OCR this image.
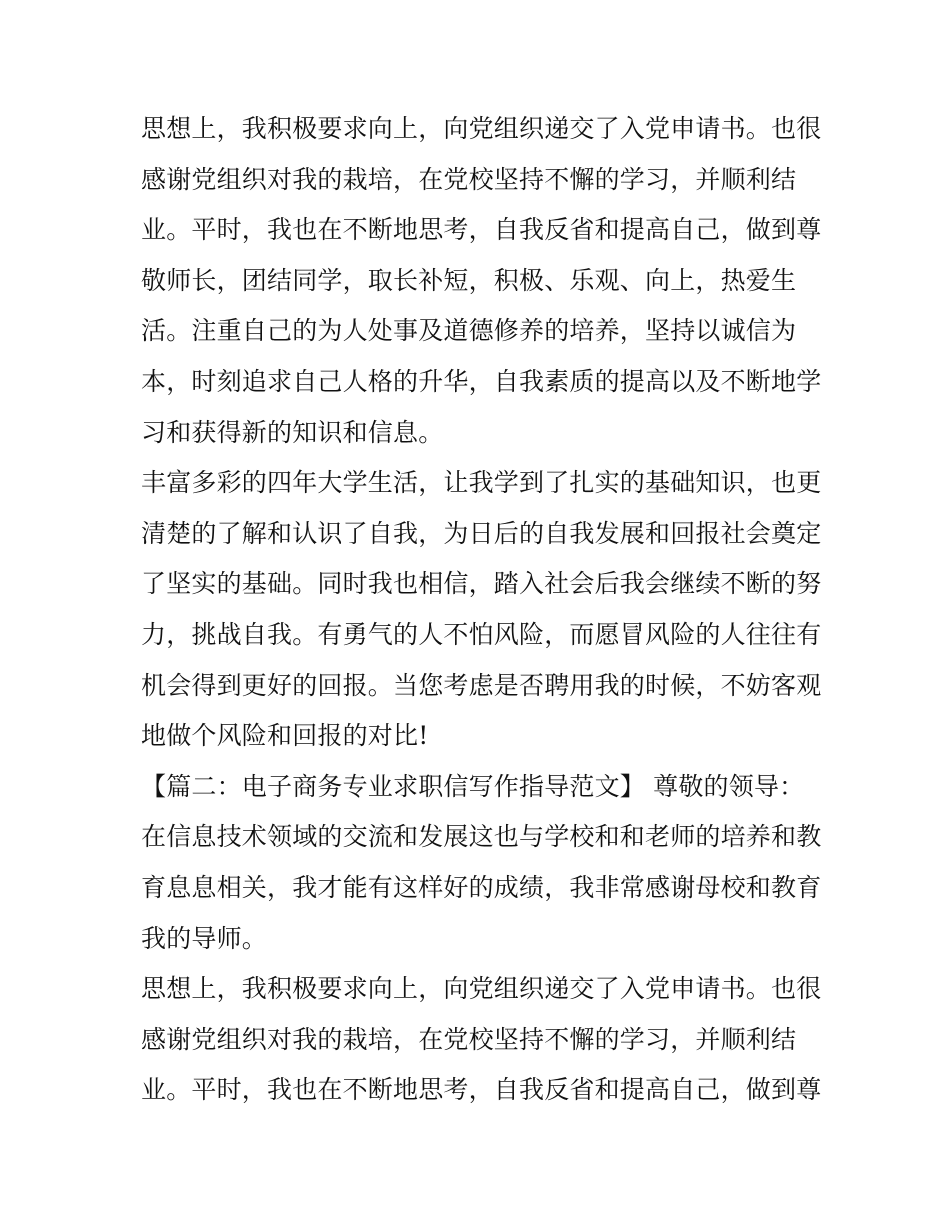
思想上，我积极要求向上，向党组织递交了入党申请书。也很
感谢党组织对我的栽培，在党校坚持不懈的学习，并顺利结
业。平时，我也在不断地思考，自我反省和提高自己，做到尊
敬师长，团结同学，取长补短，积极、乐观、向上，热爱生
活。注重自己的为人处事及道德修养的培养，坚持以诚信为
本，时刻追求自己人格的升华，自我素质的提高以及不断地学
习和获得新的知识和信息。
丰富多彩的四年大学生活，让我学到了扎实的基础知识，也更
清楚的了解和认识了自我，为日后的自我发展和回报社会奠定
了坚实的基础。同时我也相信，踏入社会后我会继续不断的努
力，挑战自我。有勇气的人不怕风险，而愿冒风险的人往往有
机会得到更好的回报。当您考虑是否聘用我的时候，不妨客观
地做个风险和回报的对比!
【篇二：电子商务专业求职信写作指导范文】 尊敬的领导：
在信息技术领域的交流和发展这也与学校和和老师的培养和教
育息息相关，我才能有这样好的成绩，我非常感谢母校和教育
我的导师。
思想上，我积极要求向上，向党组织递交了入党申请书。也很
感谢党组织对我的栽培，在党校坚持不懈的学习，并顺利结
业。平时，我也在不断地思考，自我反省和提高自己，做到尊
